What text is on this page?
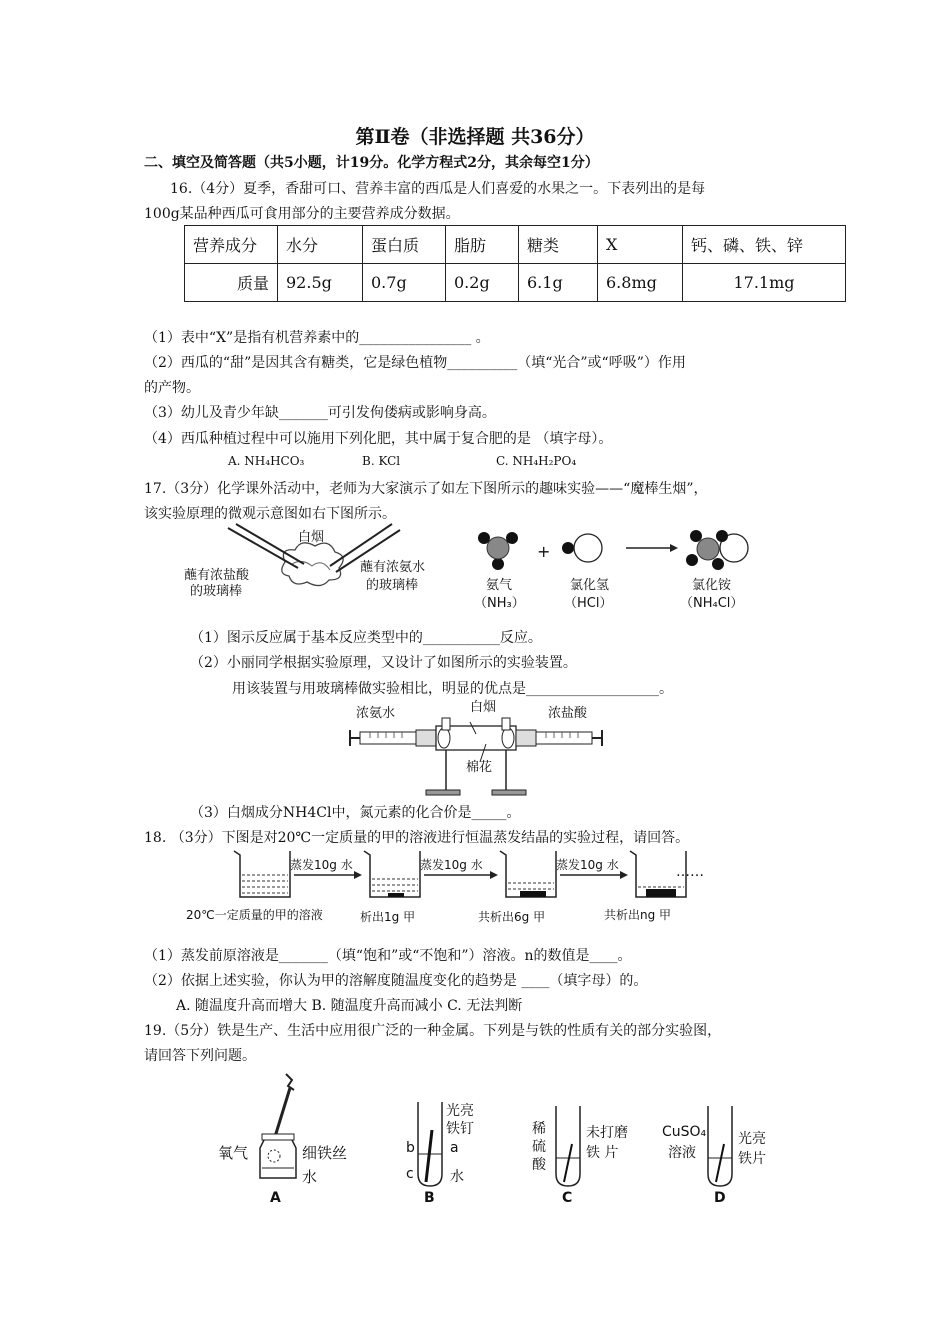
第Ⅱ卷（非选择题 共36分）
二、填空及简答题（共5小题，计19分。化学方程式2分，其余每空1分）
16.（4分）夏季，香甜可口、营养丰富的西瓜是人们喜爱的水果之一。下表列出的是每
100g某品种西瓜可食用部分的主要营养成分数据。
营养成分	水分	蛋白质	脂肪	糖类	X	钙、磷、铁、锌
质量	92.5g	0.7g	0.2g	6.1g	6.8mg	17.1mg
（1）表中“X”是指有机营养素中的________________ 。
（2）西瓜的“甜”是因其含有糖类，它是绿色植物__________（填“光合”或“呼吸”）作用
的产物。
（3）幼儿及青少年缺_______可引发佝偻病或影响身高。
（4）西瓜种植过程中可以施用下列化肥，其中属于复合肥的是 （填字母）。
A. NH₄HCO₃	B. KCl	C. NH₄H₂PO₄
17.（3分）化学课外活动中，老师为大家演示了如左下图所示的趣味实验——“魔棒生烟”，
该实验原理的微观示意图如右下图所示。
白烟
蘸有浓盐酸
的玻璃棒
蘸有浓氨水
的玻璃棒
+
氨气
（NH₃）
氯化氢
（HCl）
氯化铵
（NH₄Cl）
（1）图示反应属于基本反应类型中的___________反应。
（2）小丽同学根据实验原理，又设计了如图所示的实验装置。
用该装置与用玻璃棒做实验相比，明显的优点是___________________。
浓氨水	白烟	浓盐酸
棉花
（3）白烟成分NH4Cl中，氮元素的化合价是_____。
18. （3分）下图是对20℃一定质量的甲的溶液进行恒温蒸发结晶的实验过程，请回答。
蒸发10g 水	蒸发10g 水	蒸发10g 水	……
20℃一定质量的甲的溶液	析出1g 甲	共析出6g 甲	共析出ng 甲
（1）蒸发前原溶液是_______（填“饱和”或“不饱和”）溶液。n的数值是____。
（2）依据上述实验，你认为甲的溶解度随温度变化的趋势是 ____（填字母）的。
A. 随温度升高而增大 B. 随温度升高而减小 C. 无法判断
19.（5分）铁是生产、生活中应用很广泛的一种金属。下列是与铁的性质有关的部分实验图，
请回答下列问题。
氧气	细铁丝
水
A
光亮
铁钉
a
b
c	水
B
稀
硫
酸
未打磨
铁 片
C
CuSO₄
溶液
光亮
铁片
D
